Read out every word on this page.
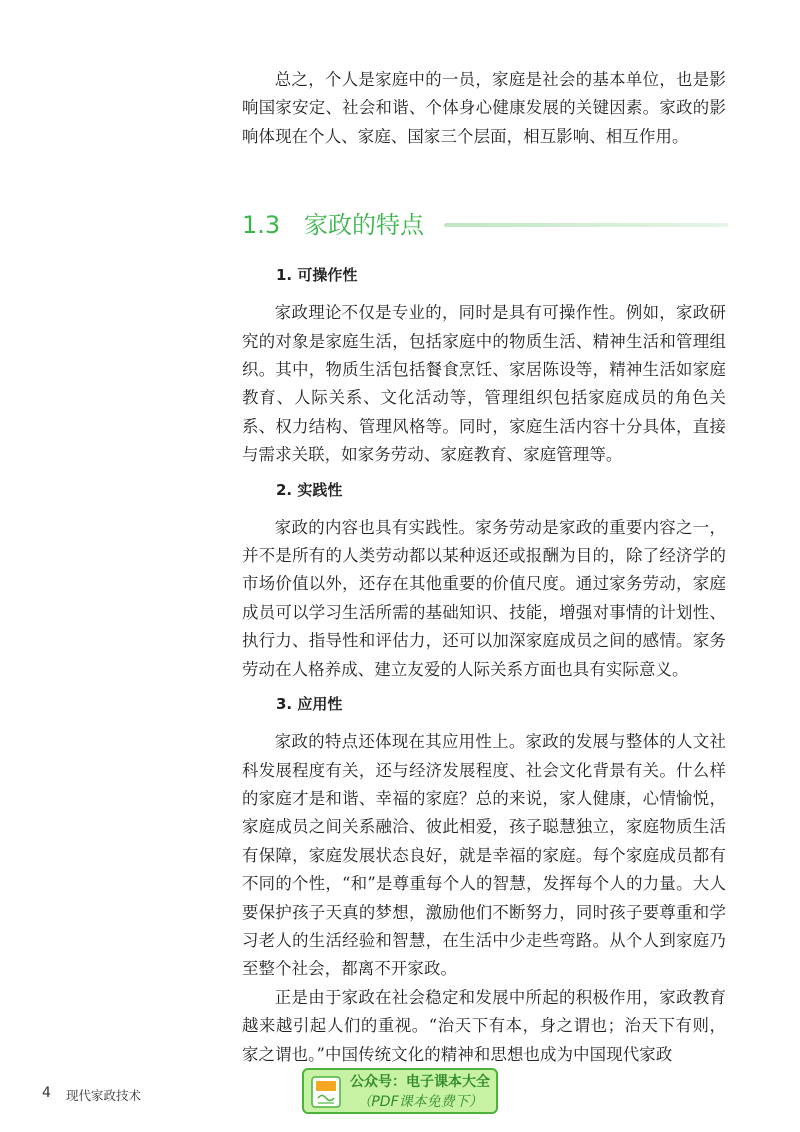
总之，个人是家庭中的一员，家庭是社会的基本单位，也是影响国家安定、社会和谐、个体身心健康发展的关键因素。家政的影响体现在个人、家庭、国家三个层面，相互影响、相互作用。

1.3 家政的特点
1. 可操作性

家政理论不仅是专业的，同时是具有可操作性。例如，家政研究的对象是家庭生活，包括家庭中的物质生活、精神生活和管理组织。其中，物质生活包括餐食烹饪、家居陈设等，精神生活如家庭教育、人际关系、文化活动等，管理组织包括家庭成员的角色关系、权力结构、管理风格等。同时，家庭生活内容十分具体，直接与需求关联，如家务劳动、家庭教育、家庭管理等。

2. 实践性

家政的内容也具有实践性。家务劳动是家政的重要内容之一，并不是所有的人类劳动都以某种返还或报酬为目的，除了经济学的市场价值以外，还存在其他重要的价值尺度。通过家务劳动，家庭成员可以学习生活所需的基础知识、技能，增强对事情的计划性、执行力、指导性和评估力，还可以加深家庭成员之间的感情。家务劳动在人格养成、建立友爱的人际关系方面也具有实际意义。

3. 应用性

家政的特点还体现在其应用性上。家政的发展与整体的人文社科发展程度有关，还与经济发展程度、社会文化背景有关。什么样的家庭才是和谐、幸福的家庭？总的来说，家人健康，心情愉悦，家庭成员之间关系融洽、彼此相爱，孩子聪慧独立，家庭物质生活有保障，家庭发展状态良好，就是幸福的家庭。每个家庭成员都有不同的个性，“和”是尊重每个人的智慧，发挥每个人的力量。大人要保护孩子天真的梦想，激励他们不断努力，同时孩子要尊重和学习老人的生活经验和智慧，在生活中少走些弯路。从个人到家庭乃至整个社会，都离不开家政。

正是由于家政在社会稳定和发展中所起的积极作用，家政教育越来越引起人们的重视。“治天下有本，身之谓也；治天下有则，家之谓也。”中国传统文化的精神和思想也成为中国现代家政

4 现代家政技术
公众号：电子课本大全
（PDF课本免费下）
